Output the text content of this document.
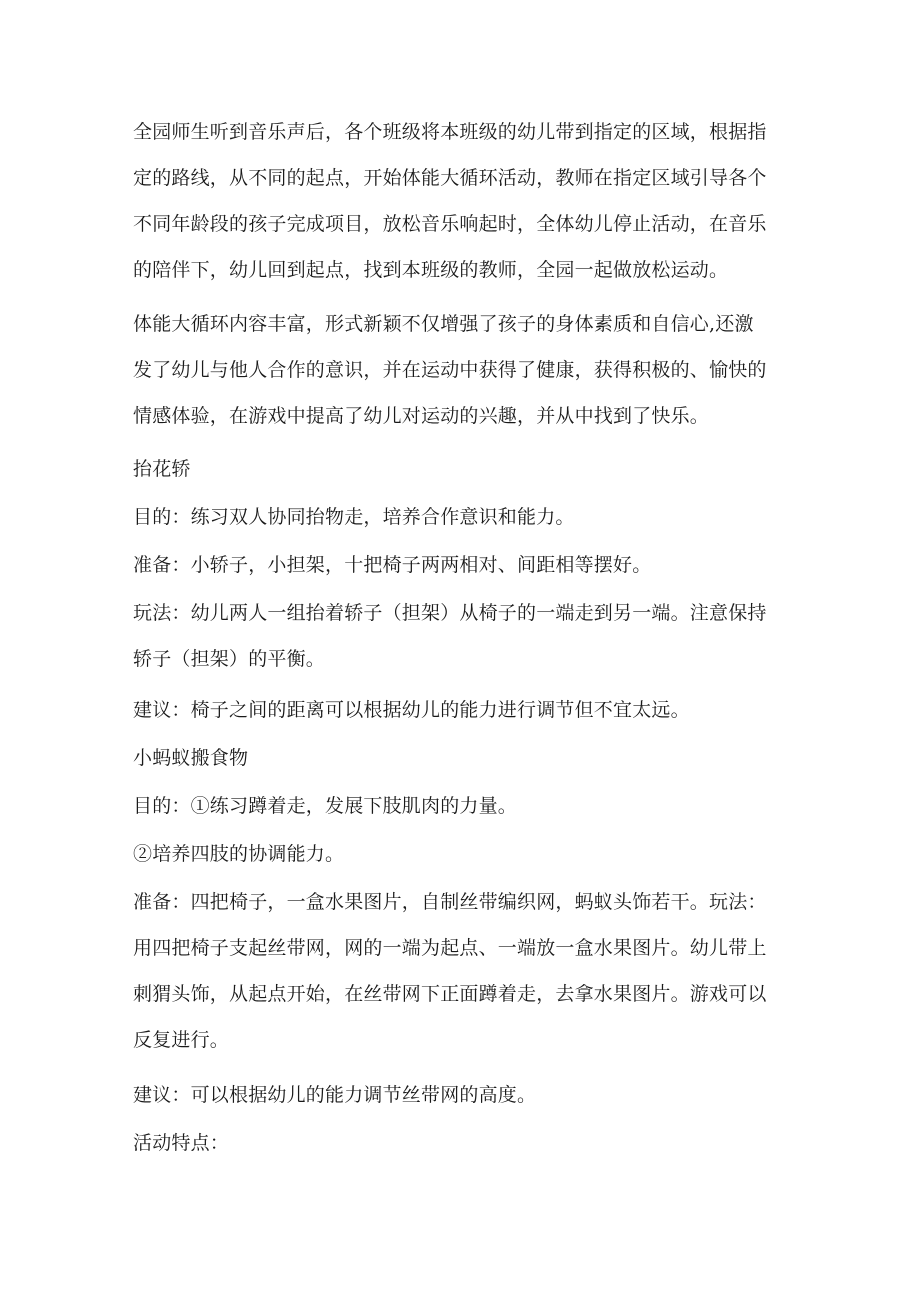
全园师生听到音乐声后，各个班级将本班级的幼儿带到指定的区域，根据指
定的路线，从不同的起点，开始体能大循环活动，教师在指定区域引导各个
不同年龄段的孩子完成项目，放松音乐响起时，全体幼儿停止活动，在音乐
的陪伴下，幼儿回到起点，找到本班级的教师，全园一起做放松运动。
体能大循环内容丰富，形式新颖不仅增强了孩子的身体素质和自信心,还激
发了幼儿与他人合作的意识，并在运动中获得了健康，获得积极的、愉快的
情感体验，在游戏中提高了幼儿对运动的兴趣，并从中找到了快乐。
抬花轿
目的：练习双人协同抬物走，培养合作意识和能力。
准备：小轿子，小担架，十把椅子两两相对、间距相等摆好。
玩法：幼儿两人一组抬着轿子（担架）从椅子的一端走到另一端。注意保持
轿子（担架）的平衡。
建议：椅子之间的距离可以根据幼儿的能力进行调节但不宜太远。
小蚂蚁搬食物
目的：①练习蹲着走，发展下肢肌肉的力量。
②培养四肢的协调能力。
准备：四把椅子，一盒水果图片，自制丝带编织网，蚂蚁头饰若干。玩法：
用四把椅子支起丝带网，网的一端为起点、一端放一盒水果图片。幼儿带上
刺猬头饰，从起点开始，在丝带网下正面蹲着走，去拿水果图片。游戏可以
反复进行。
建议：可以根据幼儿的能力调节丝带网的高度。
活动特点：
